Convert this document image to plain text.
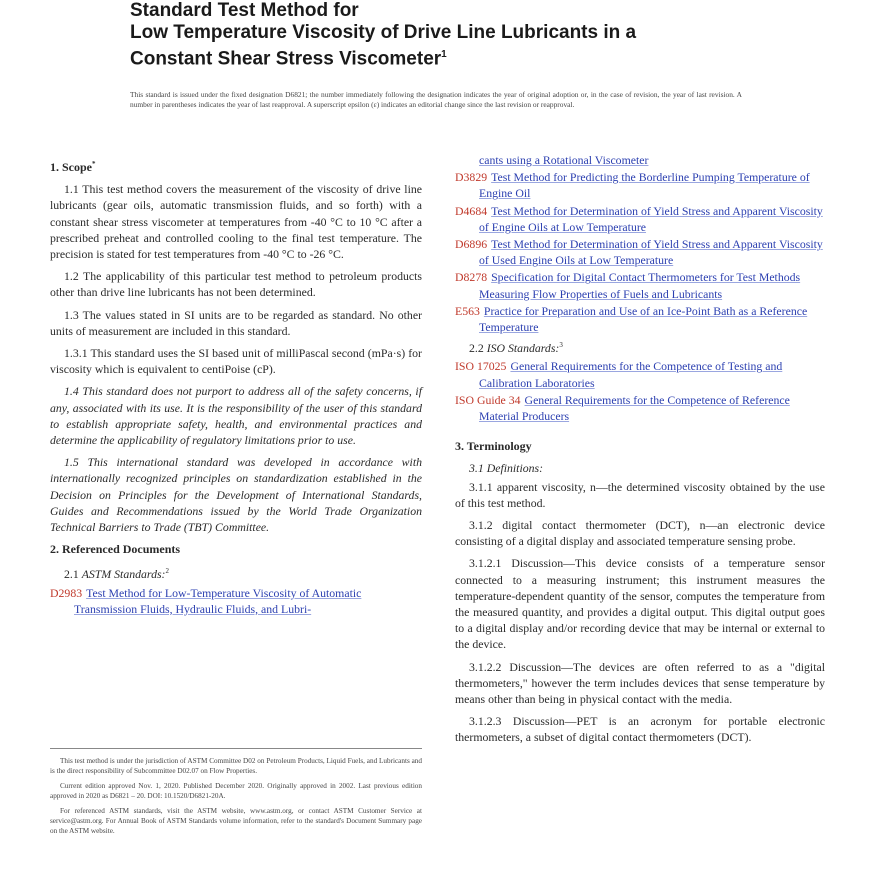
Standard Test Method for
Low Temperature Viscosity of Drive Line Lubricants in a
Constant Shear Stress Viscometer$^1$
This standard is issued under the fixed designation D6821; the number immediately following the designation indicates the year of original adoption or, in the case of revision, the year of last revision. A number in parentheses indicates the year of last reapproval. A superscript epsilon (ε) indicates an editorial change since the last revision or reapproval.
1. Scope*

1.1 This test method covers the measurement of the viscosity of drive line lubricants (gear oils, automatic transmission fluids, and so forth) with a constant shear stress viscometer at temperatures from -40 °C to 10 °C after a prescribed preheat and controlled cooling to the final test temperature. The precision is stated for test temperatures from -40 °C to -26 °C.

1.2 The applicability of this particular test method to petroleum products other than drive line lubricants has not been determined.

1.3 The values stated in SI units are to be regarded as standard. No other units of measurement are included in this standard.

1.3.1 This standard uses the SI based unit of milliPascal second (mPa·s) for viscosity which is equivalent to centiPoise (cP).

1.4 This standard does not purport to address all of the safety concerns, if any, associated with its use. It is the responsibility of the user of this standard to establish appropriate safety, health, and environmental practices and determine the applicability of regulatory limitations prior to use.

1.5 This international standard was developed in accordance with internationally recognized principles on standardization established in the Decision on Principles for the Development of International Standards, Guides and Recommendations issued by the World Trade Organization Technical Barriers to Trade (TBT) Committee.

2. Referenced Documents
2.1 ASTM Standards:$^2$
D2983 Test Method for Low-Temperature Viscosity of Automatic Transmission Fluids, Hydraulic Fluids, and Lubri-
cants using a Rotational Viscometer
D3829 Test Method for Predicting the Borderline Pumping Temperature of Engine Oil
D4684 Test Method for Determination of Yield Stress and Apparent Viscosity of Engine Oils at Low Temperature
D6896 Test Method for Determination of Yield Stress and Apparent Viscosity of Used Engine Oils at Low Temperature
D8278 Specification for Digital Contact Thermometers for Test Methods Measuring Flow Properties of Fuels and Lubricants
E563 Practice for Preparation and Use of an Ice-Point Bath as a Reference Temperature
2.2 ISO Standards:$^3$
ISO 17025 General Requirements for the Competence of Testing and Calibration Laboratories
ISO Guide 34 General Requirements for the Competence of Reference Material Producers
3. Terminology

3.1 Definitions:

3.1.1 apparent viscosity, n—the determined viscosity obtained by the use of this test method.

3.1.2 digital contact thermometer (DCT), n—an electronic device consisting of a digital display and associated temperature sensing probe.

3.1.2.1 Discussion—This device consists of a temperature sensor connected to a measuring instrument; this instrument measures the temperature-dependent quantity of the sensor, computes the temperature from the measured quantity, and provides a digital output. This digital output goes to a digital display and/or recording device that may be internal or external to the device.

3.1.2.2 Discussion—The devices are often referred to as a "digital thermometers," however the term includes devices that sense temperature by means other than being in physical contact with the media.

3.1.2.3 Discussion—PET is an acronym for portable electronic thermometers, a subset of digital contact thermometers (DCT).

This test method is under the jurisdiction of ASTM Committee D02 on Petroleum Products, Liquid Fuels, and Lubricants and is the direct responsibility of Subcommittee D02.07 on Flow Properties.

Current edition approved Nov. 1, 2020. Published December 2020. Originally approved in 2002. Last previous edition approved in 2020 as D6821 – 20. DOI: 10.1520/D6821-20A.

For referenced ASTM standards, visit the ASTM website, www.astm.org, or contact ASTM Customer Service at service@astm.org. For Annual Book of ASTM Standards volume information, refer to the standard's Document Summary page on the ASTM website.
